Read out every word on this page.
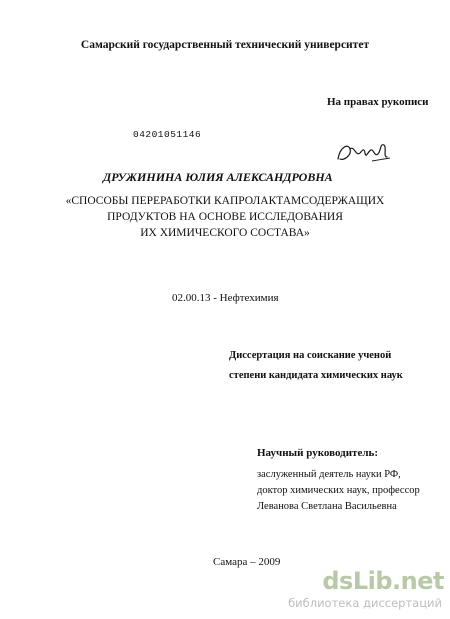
Самарский государственный технический университет
На правах рукописи
04201051146
ДРУЖИНИНА ЮЛИЯ АЛЕКСАНДРОВНА
«СПОСОБЫ ПЕРЕРАБОТКИ КАПРОЛАКТАМСОДЕРЖАЩИХ
ПРОДУКТОВ НА ОСНОВЕ ИССЛЕДОВАНИЯ
ИХ ХИМИЧЕСКОГО СОСТАВА»
02.00.13 - Нефтехимия
Диссертация на соискание ученой
степени кандидата химических наук
Научный руководитель:
заслуженный деятель науки РФ,
доктор химических наук, профессор
Леванова Светлана Васильевна
Самара – 2009
dsLib.net
библиотека диссертаций
